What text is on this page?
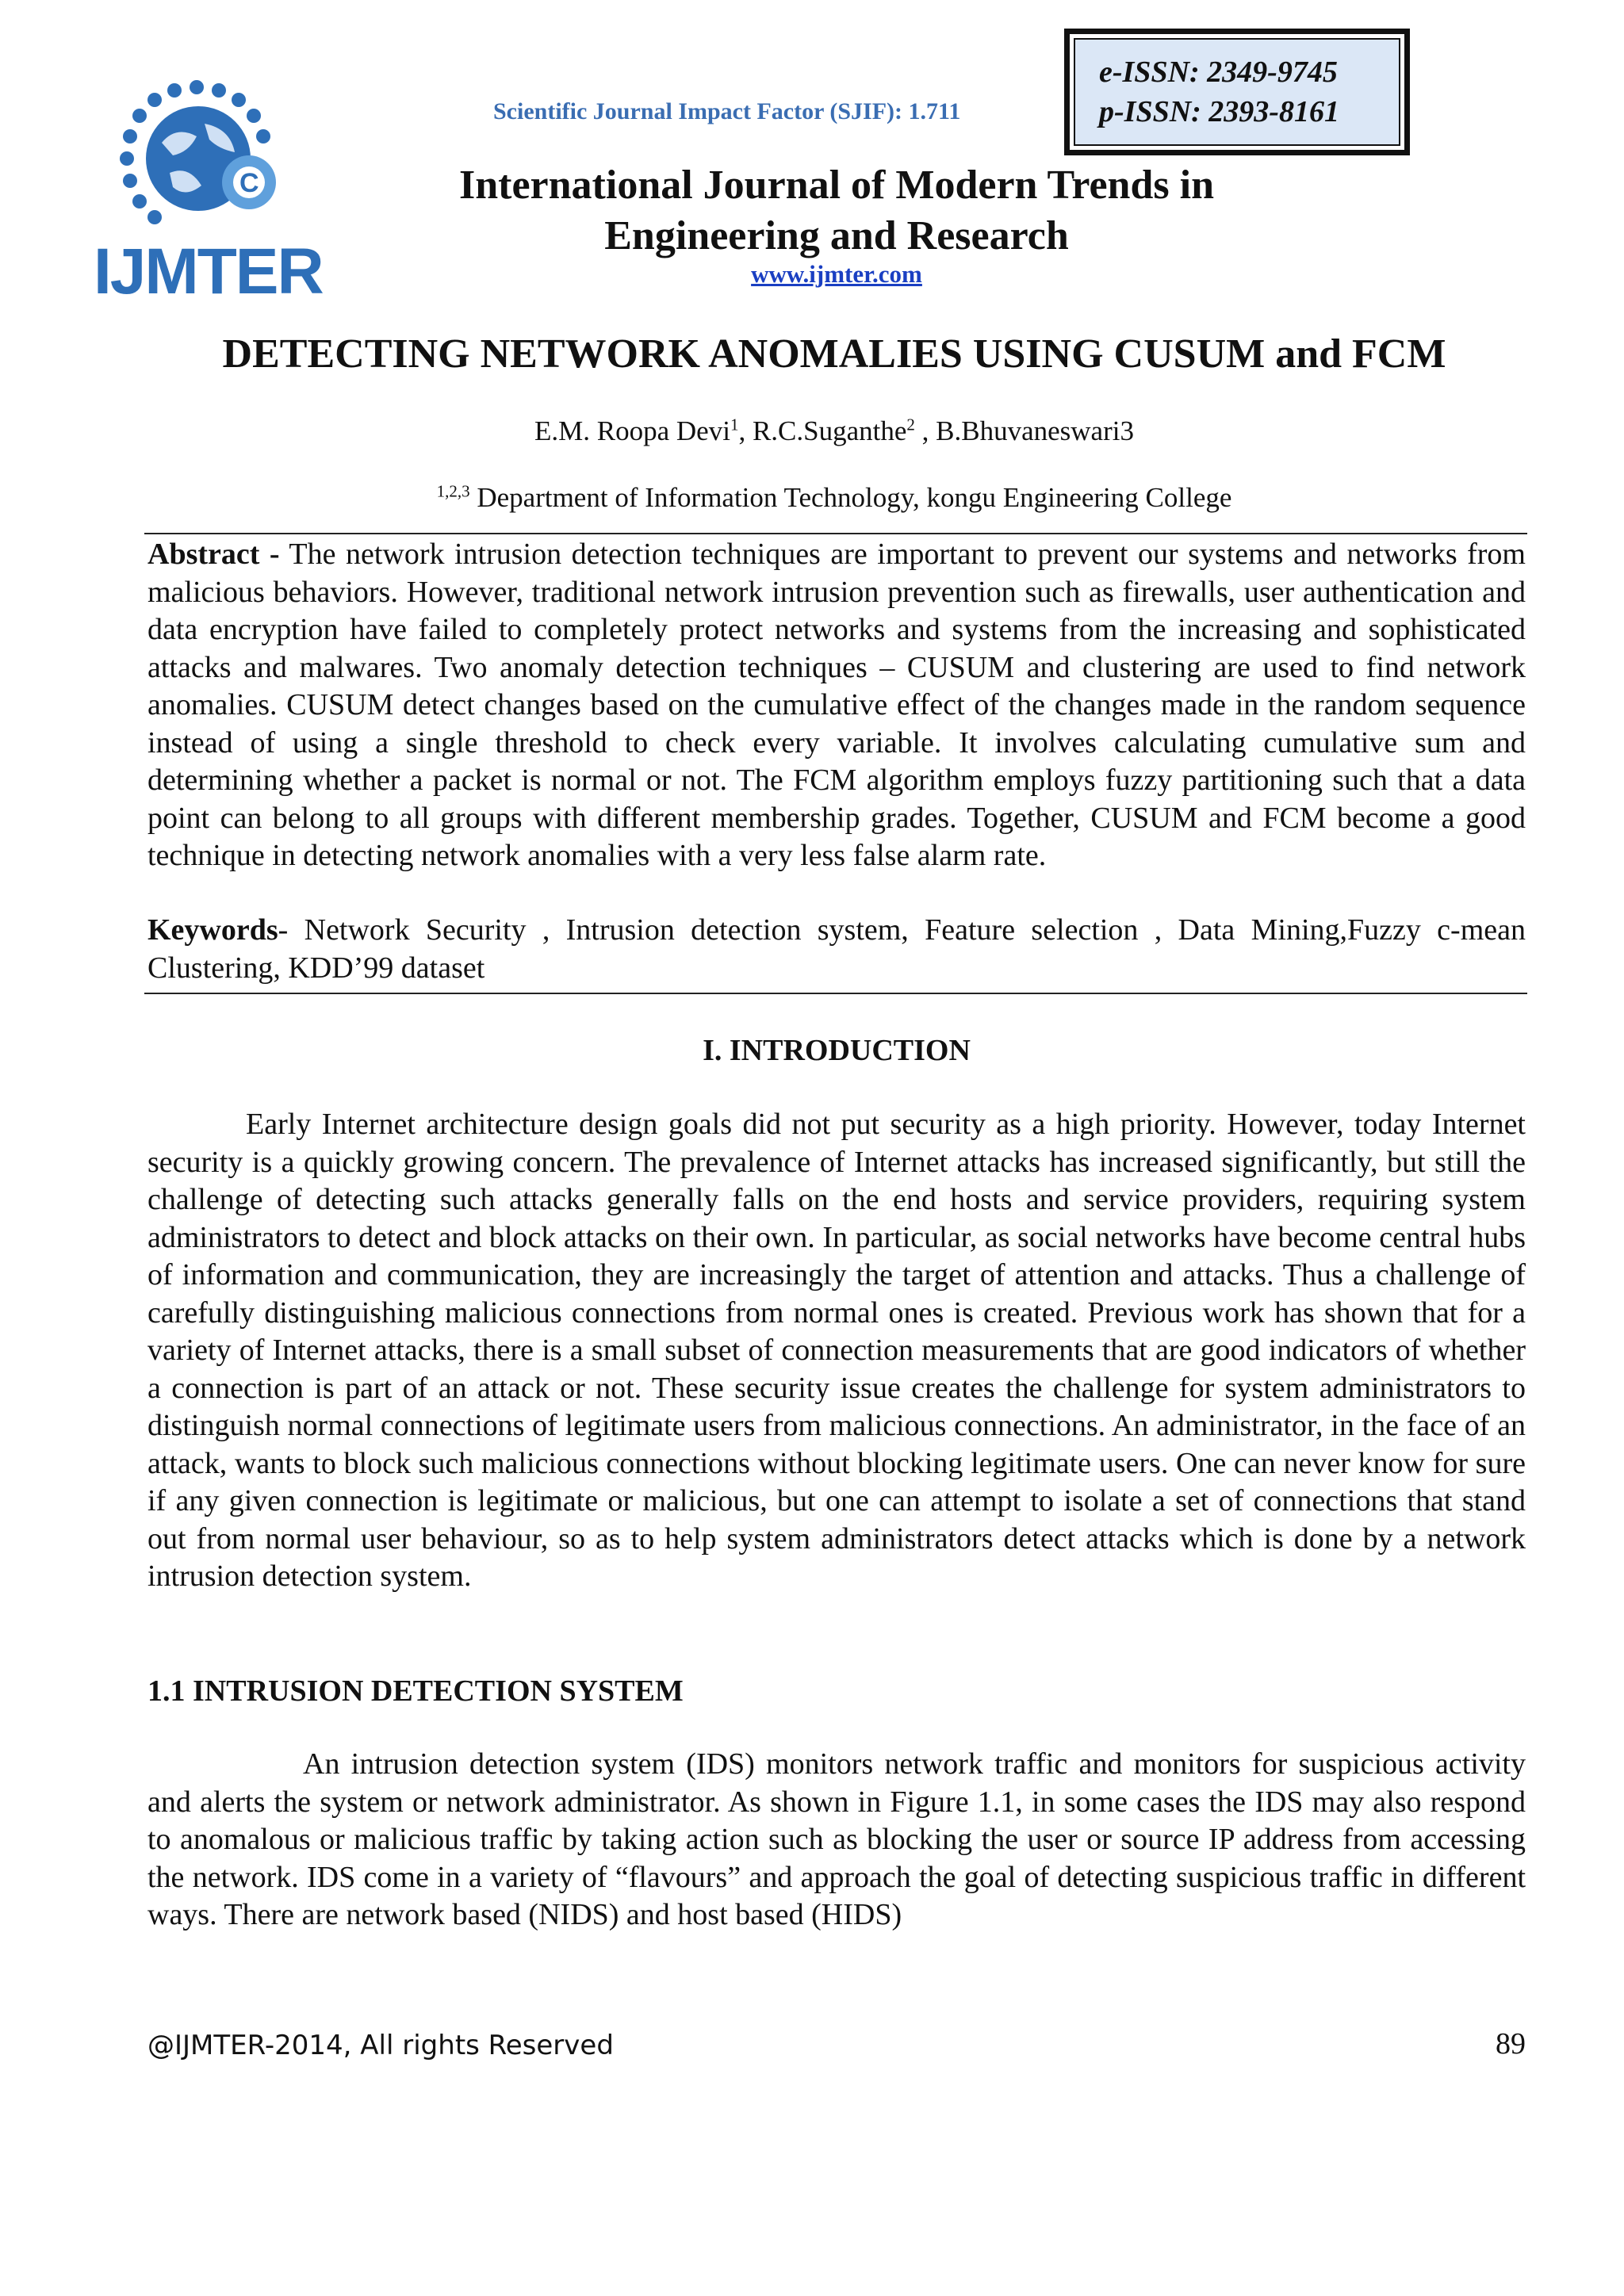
C
IJMTER
Scientific Journal Impact Factor (SJIF): 1.711
e-ISSN: 2349-9745
p-ISSN: 2393-8161
International Journal of Modern Trends in Engineering and Research
www.ijmter.com
DETECTING NETWORK ANOMALIES USING CUSUM and FCM
E.M. Roopa Devi$^1$, R.C.Suganthe$^2$ , B.Bhuvaneswari3
$^{1,2,3}$ Department of Information Technology, kongu Engineering College
Abstract - The network intrusion detection techniques are important to prevent our systems and networks from malicious behaviors. However, traditional network intrusion prevention such as firewalls, user authentication and data encryption have failed to completely protect networks and systems from the increasing and sophisticated attacks and malwares. Two anomaly detection techniques – CUSUM and clustering are used to find network anomalies. CUSUM detect changes based on the cumulative effect of the changes made in the random sequence instead of using a single threshold to check every variable. It involves calculating cumulative sum and determining whether a packet is normal or not. The FCM algorithm employs fuzzy partitioning such that a data point can belong to all groups with different membership grades. Together, CUSUM and FCM become a good technique in detecting network anomalies with a very less false alarm rate.
Keywords- Network Security , Intrusion detection system, Feature selection , Data Mining,Fuzzy c-mean Clustering, KDD’99 dataset
I. INTRODUCTION
Early Internet architecture design goals did not put security as a high priority. However, today Internet security is a quickly growing concern. The prevalence of Internet attacks has increased significantly, but still the challenge of detecting such attacks generally falls on the end hosts and service providers, requiring system administrators to detect and block attacks on their own. In particular, as social networks have become central hubs of information and communication, they are increasingly the target of attention and attacks. Thus a challenge of carefully distinguishing malicious connections from normal ones is created. Previous work has shown that for a variety of Internet attacks, there is a small subset of connection measurements that are good indicators of whether a connection is part of an attack or not. These security issue creates the challenge for system administrators to distinguish normal connections of legitimate users from malicious connections. An administrator, in the face of an attack, wants to block such malicious connections without blocking legitimate users. One can never know for sure if any given connection is legitimate or malicious, but one can attempt to isolate a set of connections that stand out from normal user behaviour, so as to help system administrators detect attacks which is done by a network intrusion detection system.
1.1 INTRUSION DETECTION SYSTEM
An intrusion detection system (IDS) monitors network traffic and monitors for suspicious activity and alerts the system or network administrator. As shown in Figure 1.1, in some cases the IDS may also respond to anomalous or malicious traffic by taking action such as blocking the user or source IP address from accessing the network. IDS come in a variety of “flavours” and approach the goal of detecting suspicious traffic in different ways. There are network based (NIDS) and host based (HIDS)
@IJMTER-2014, All rights Reserved	89
